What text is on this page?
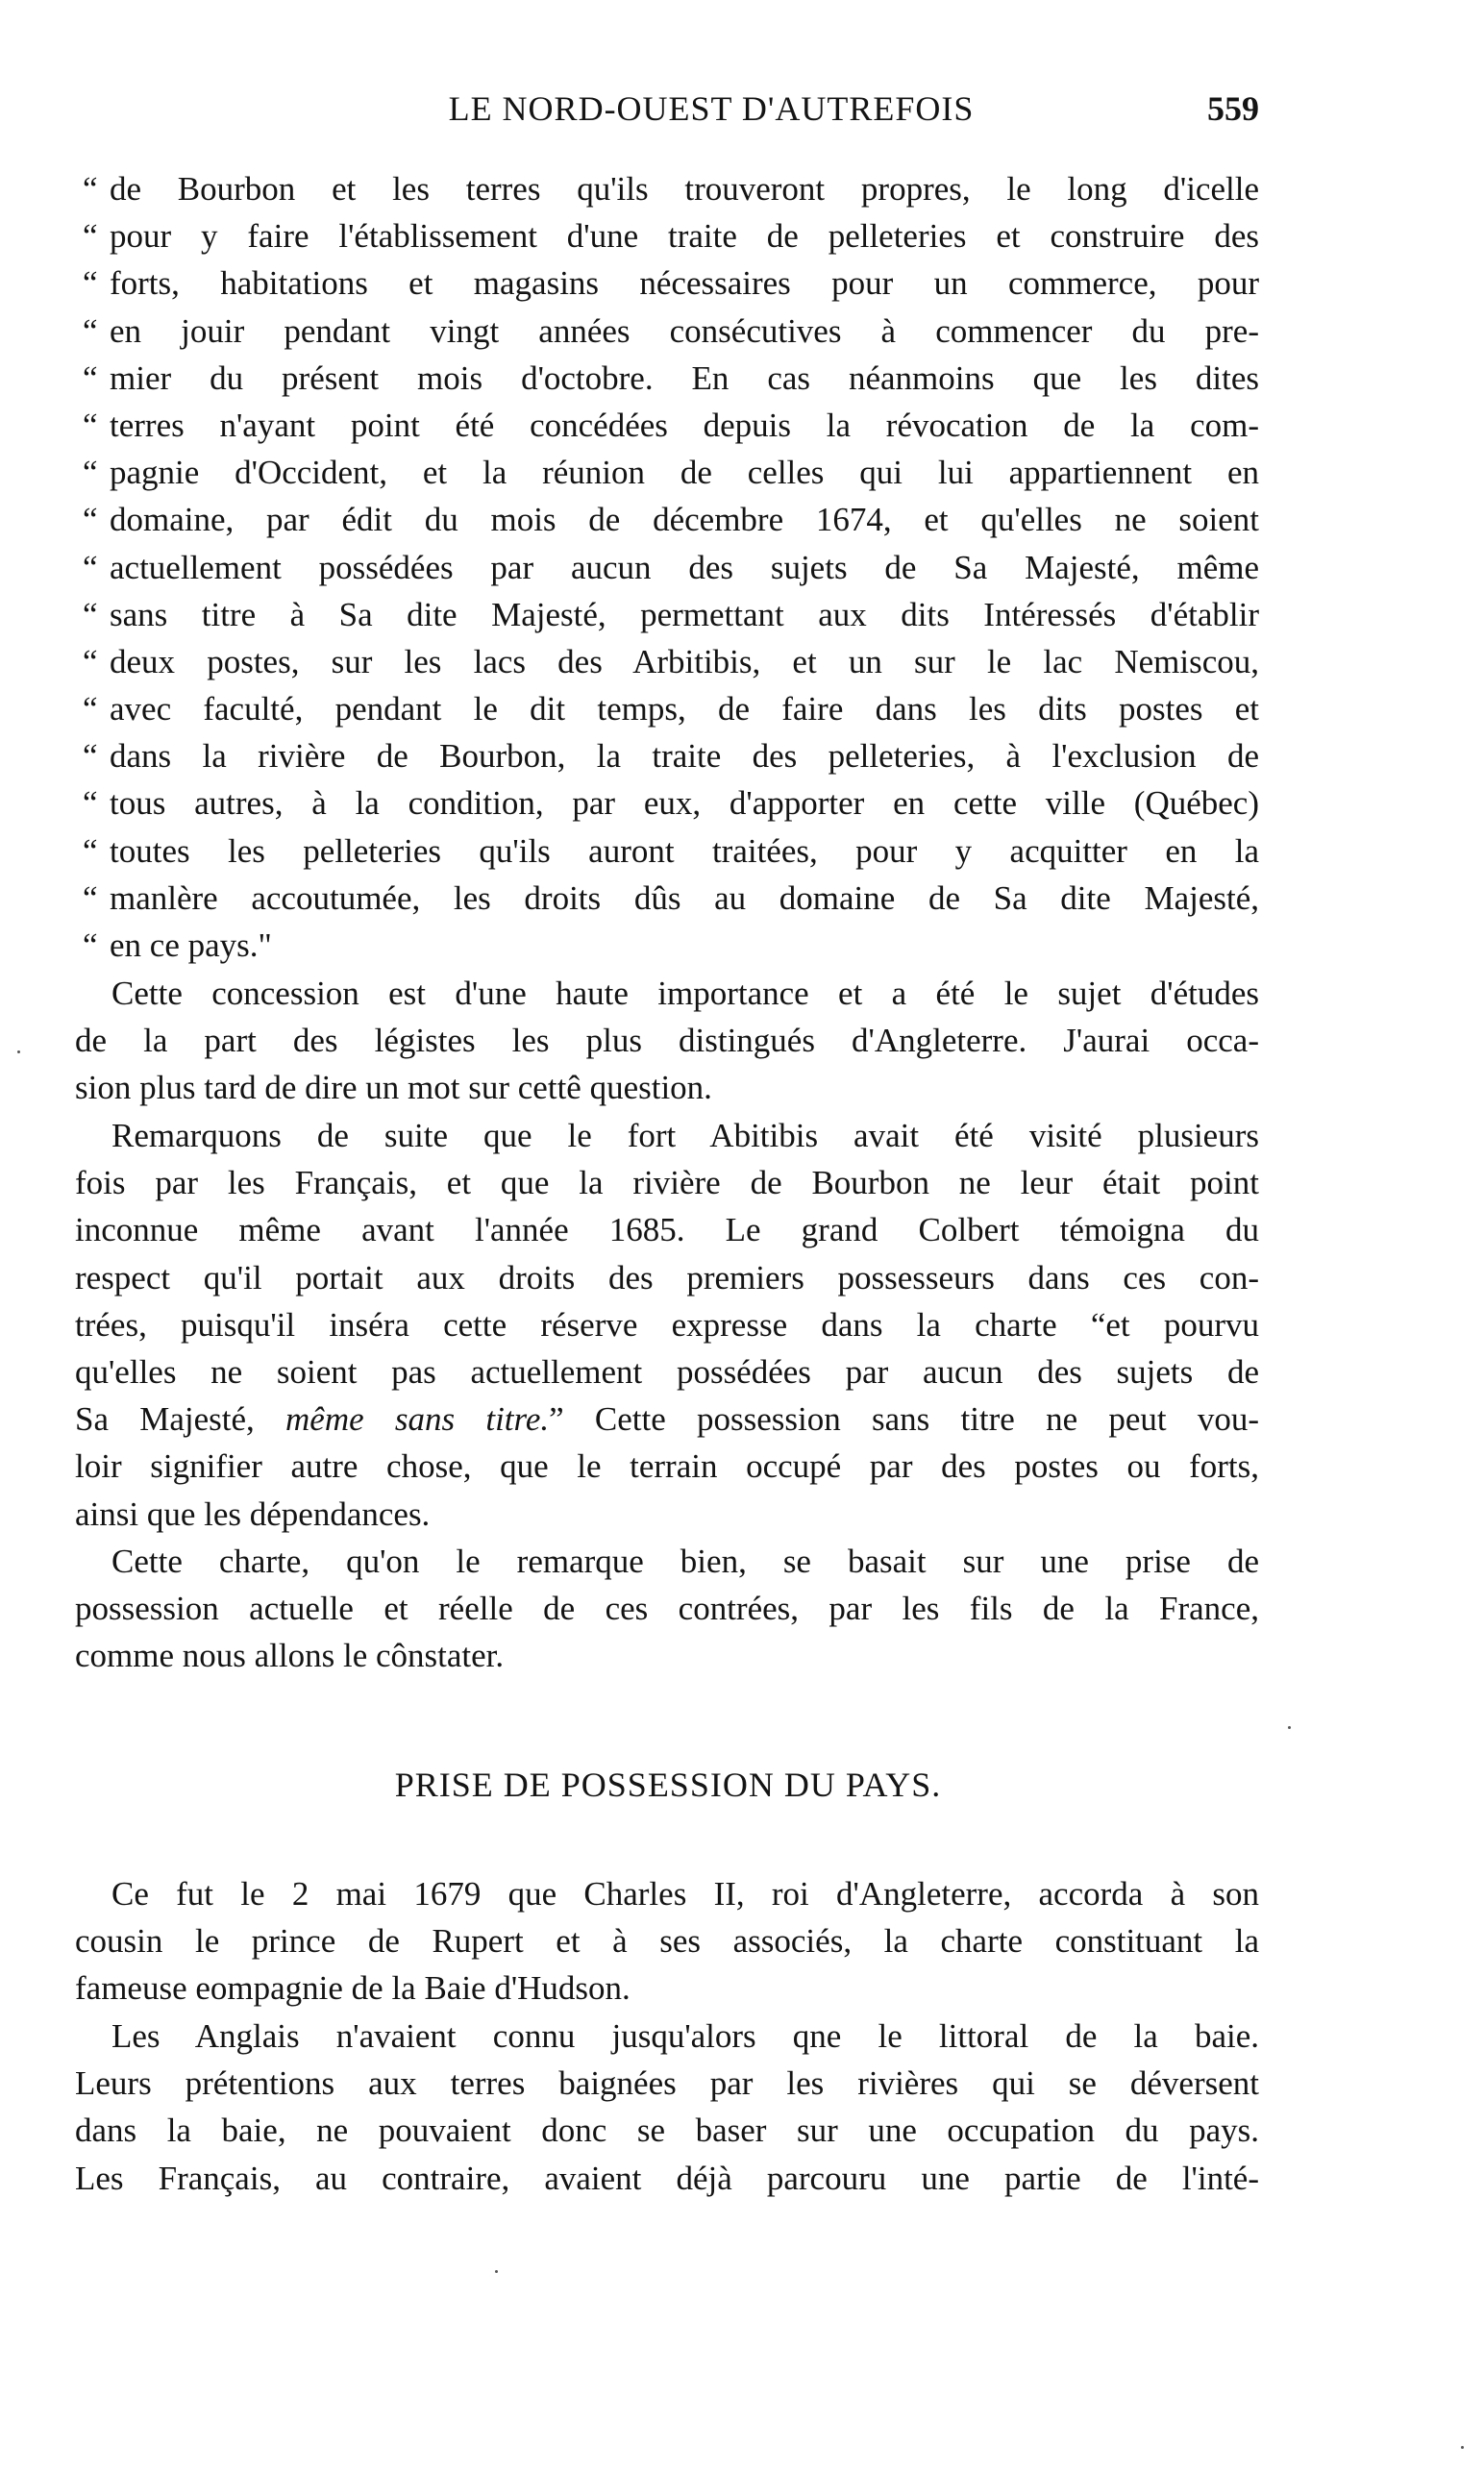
LE NORD-OUEST D'AUTREFOIS	559
“ de Bourbon et les terres qu'ils trouveront propres, le long d'icelle
“ pour y faire l'établissement d'une traite de pelleteries et construire des
“ forts, habitations et magasins nécessaires pour un commerce, pour
“ en jouir pendant vingt années consécutives à commencer du pre-
“ mier du présent mois d'octobre. En cas néanmoins que les dites
“ terres n'ayant point été concédées depuis la révocation de la com-
“ pagnie d'Occident, et la réunion de celles qui lui appartiennent en
“ domaine, par édit du mois de décembre 1674, et qu'elles ne soient
“ actuellement possédées par aucun des sujets de Sa Majesté, même
“ sans titre à Sa dite Majesté, permettant aux dits Intéressés d'établir
“ deux postes, sur les lacs des Arbitibis, et un sur le lac Nemiscou,
“ avec faculté, pendant le dit temps, de faire dans les dits postes et
“ dans la rivière de Bourbon, la traite des pelleteries, à l'exclusion de
“ tous autres, à la condition, par eux, d'apporter en cette ville (Québec)
“ toutes les pelleteries qu'ils auront traitées, pour y acquitter en la
“ manlère accoutumée, les droits dûs au domaine de Sa dite Majesté,
“ en ce pays."
Cette concession est d'une haute importance et a été le sujet d'études
de la part des légistes les plus distingués d'Angleterre. J'aurai occa-
sion plus tard de dire un mot sur cettê question.
Remarquons de suite que le fort Abitibis avait été visité plusieurs
fois par les Français, et que la rivière de Bourbon ne leur était point
inconnue même avant l'année 1685. Le grand Colbert témoigna du
respect qu'il portait aux droits des premiers possesseurs dans ces con-
trées, puisqu'il inséra cette réserve expresse dans la charte “et pourvu
qu'elles ne soient pas actuellement possédées par aucun des sujets de
Sa Majesté, même sans titre.” Cette possession sans titre ne peut vou-
loir signifier autre chose, que le terrain occupé par des postes ou forts,
ainsi que les dépendances.
Cette charte, qu'on le remarque bien, se basait sur une prise de
possession actuelle et réelle de ces contrées, par les fils de la France,
comme nous allons le cônstater.
PRISE DE POSSESSION DU PAYS.
Ce fut le 2 mai 1679 que Charles II, roi d'Angleterre, accorda à son
cousin le prince de Rupert et à ses associés, la charte constituant la
fameuse eompagnie de la Baie d'Hudson.
Les Anglais n'avaient connu jusqu'alors qne le littoral de la baie.
Leurs prétentions aux terres baignées par les rivières qui se déversent
dans la baie, ne pouvaient donc se baser sur une occupation du pays.
Les Français, au contraire, avaient déjà parcouru une partie de l'inté-
